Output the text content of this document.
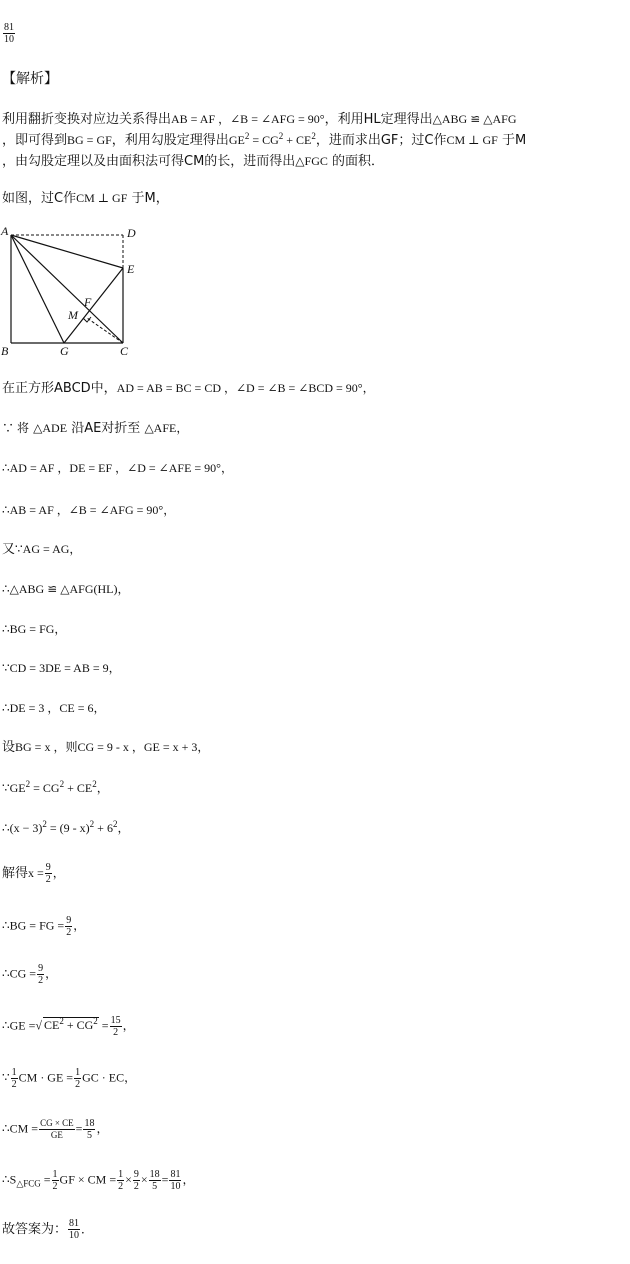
$\frac{81}{10}$
【解析】
利用翻折变换对应边关系得出AB = AF ，∠B = ∠AFG = 90°，利用HL定理得出△ABG ≌ △AFG
，即可得到BG = GF，利用勾股定理得出$GE^2 = CG^2 + CE^2$，进而求出GF；过C作CM ⊥ GF 于M
，由勾股定理以及由面积法可得CM的长，进而得出△FGC 的面积．
如图，过C作CM ⊥ GF 于M，
A	D
E
F
M
B	G	C
在正方形ABCD中，AD = AB = BC = CD ，∠D = ∠B = ∠BCD = 90°，
∵ 将 △ADE 沿AE对折至 △AFE，
∴AD = AF ，DE = EF ，∠D = ∠AFE = 90°，
∴AB = AF ，∠B = ∠AFG = 90°，
又∵AG = AG，
∴△ABG ≌ △AFG(HL)，
∴BG = FG，
∵CD = 3DE = AB = 9，
∴DE = 3 ，CE = 6，
设BG = x ，则CG = 9 - x ，GE = x + 3，
$\because GE^2 = CG^2 + CE^2$，
∴(x − $3)^2 = (9 - x)^2 + 6^2$，
解得$x = \frac{9}{2}$ ，
∴BG = FG = $\frac{9}{2}$ ，
∴CG = $\frac{9}{2}$ ，
∴GE =√ $CE^2 + CG^2 = \frac{15}{2}$ ，
∵ $\frac{1}{2}$ CM · GE = $\frac{1}{2}$ GC · EC，
∴CM = $\frac{CG \times CE}{GE} = \frac{18}{5}$ ，
$\therefore S_{\triangle FCG} = \frac{1}{2}$ GF × CM = $\frac{1}{2} \times \frac{9}{2} \times \frac{18}{5} = \frac{81}{10}$ ，
故答案为： $\frac{81}{10}$ ．
